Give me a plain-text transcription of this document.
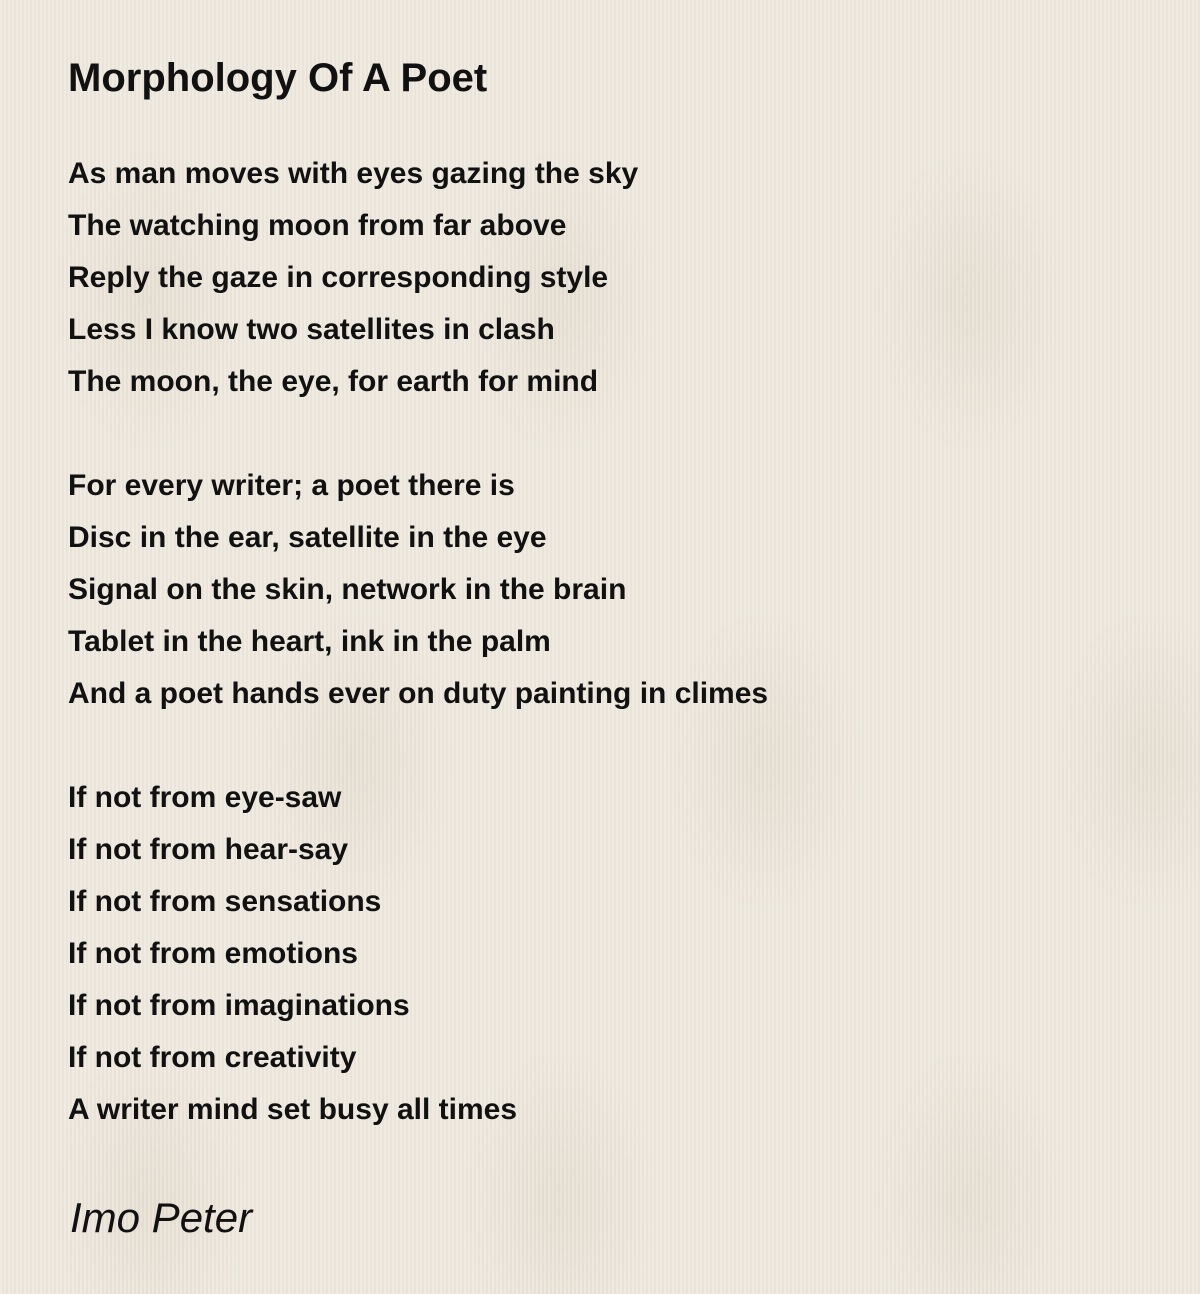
Morphology Of A Poet
As man moves with eyes gazing the sky
The watching moon from far above
Reply the gaze in corresponding style
Less I know two satellites in clash
The moon, the eye, for earth for mind
For every writer; a poet there is
Disc in the ear, satellite in the eye
Signal on the skin, network in the brain
Tablet in the heart, ink in the palm
And a poet hands ever on duty painting in climes
If not from eye-saw
If not from hear-say
If not from sensations
If not from emotions
If not from imaginations
If not from creativity
A writer mind set busy all times
Imo Peter
